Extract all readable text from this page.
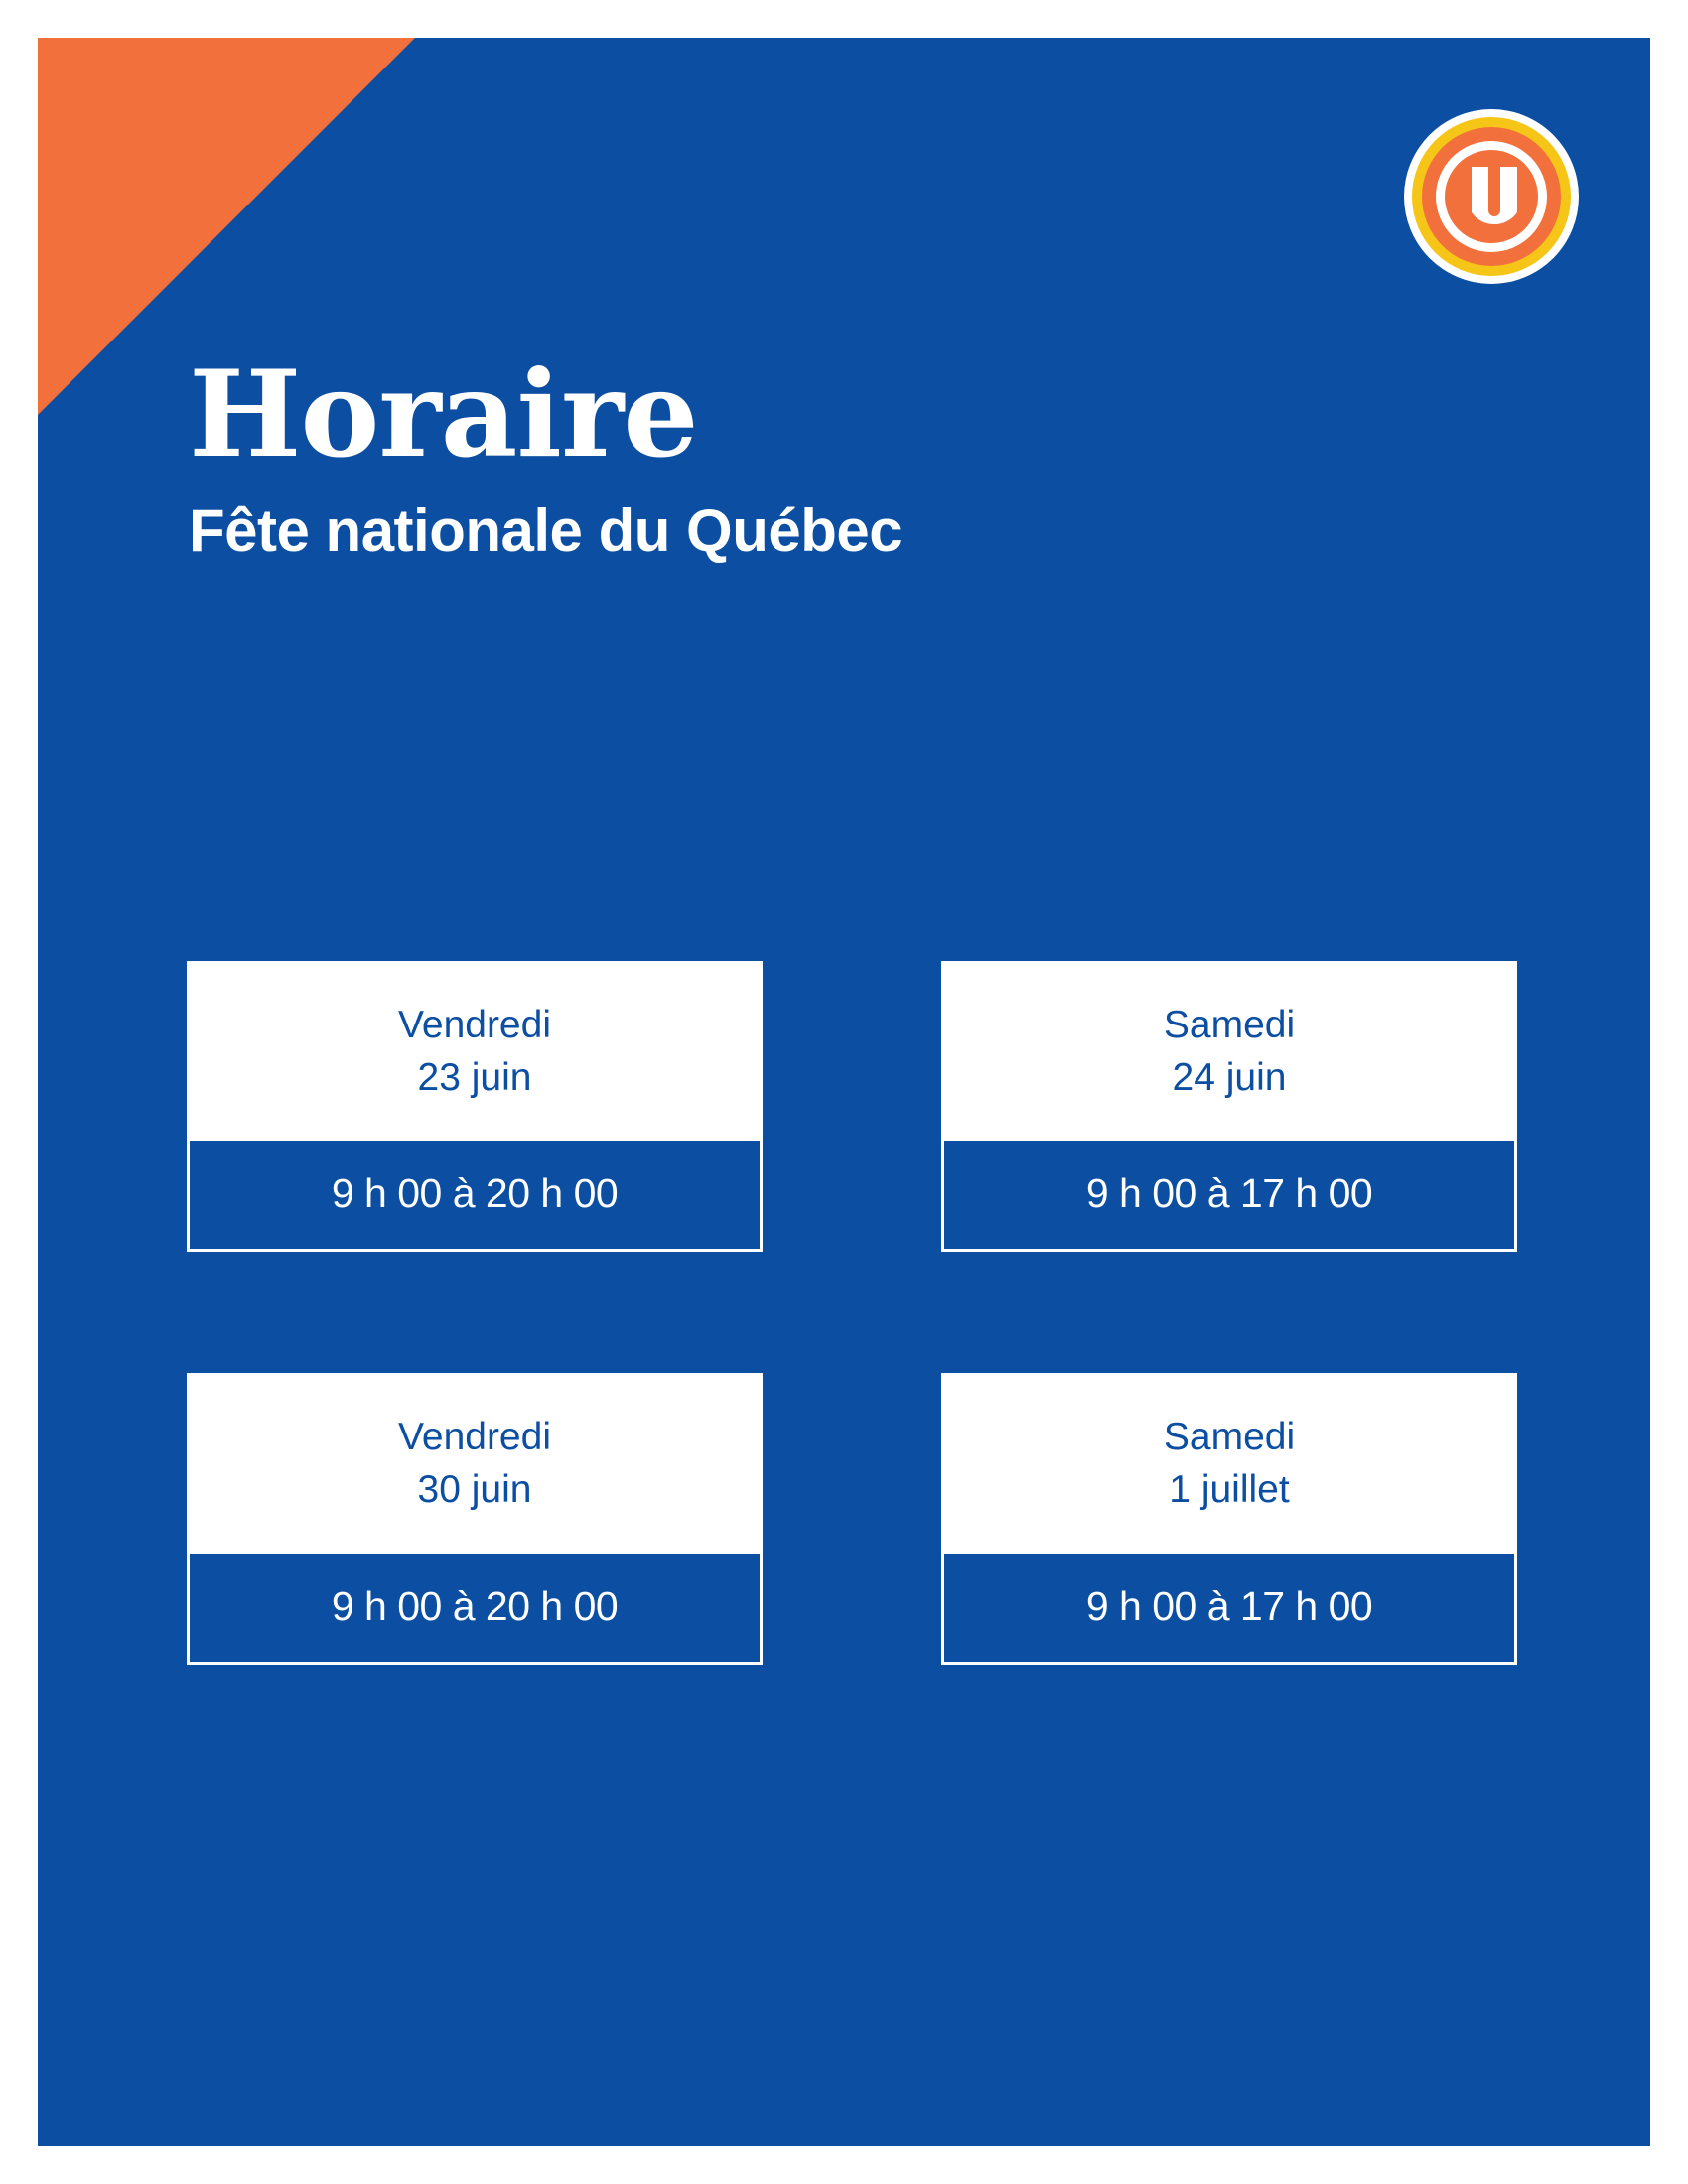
Horaire
Fête nationale du Québec
Vendredi
23 juin
9 h 00 à 20 h 00
Samedi
24 juin
9 h 00 à 17 h 00
Vendredi
30 juin
9 h 00 à 20 h 00
Samedi
1 juillet
9 h 00 à 17 h 00
